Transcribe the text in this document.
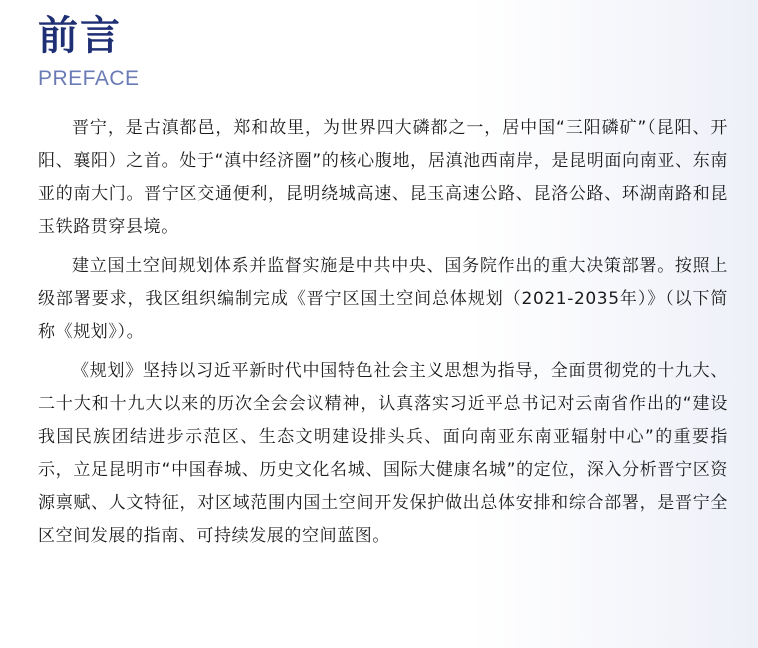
前言
PREFACE

晋宁，是古滇都邑，郑和故里，为世界四大磷都之一，居中国“三阳磷矿”（昆阳、开阳、襄阳）之首。处于“滇中经济圈”的核心腹地，居滇池西南岸，是昆明面向南亚、东南亚的南大门。晋宁区交通便利，昆明绕城高速、昆玉高速公路、昆洛公路、环湖南路和昆玉铁路贯穿县境。

建立国土空间规划体系并监督实施是中共中央、国务院作出的重大决策部署。按照上级部署要求，我区组织编制完成《晋宁区国土空间总体规划（2021-2035年）》（以下简称《规划》）。

《规划》坚持以习近平新时代中国特色社会主义思想为指导，全面贯彻党的十九大、二十大和十九大以来的历次全会会议精神，认真落实习近平总书记对云南省作出的“建设我国民族团结进步示范区、生态文明建设排头兵、面向南亚东南亚辐射中心”的重要指示，立足昆明市“中国春城、历史文化名城、国际大健康名城”的定位，深入分析晋宁区资源禀赋、人文特征，对区域范围内国土空间开发保护做出总体安排和综合部署，是晋宁全区空间发展的指南、可持续发展的空间蓝图。
